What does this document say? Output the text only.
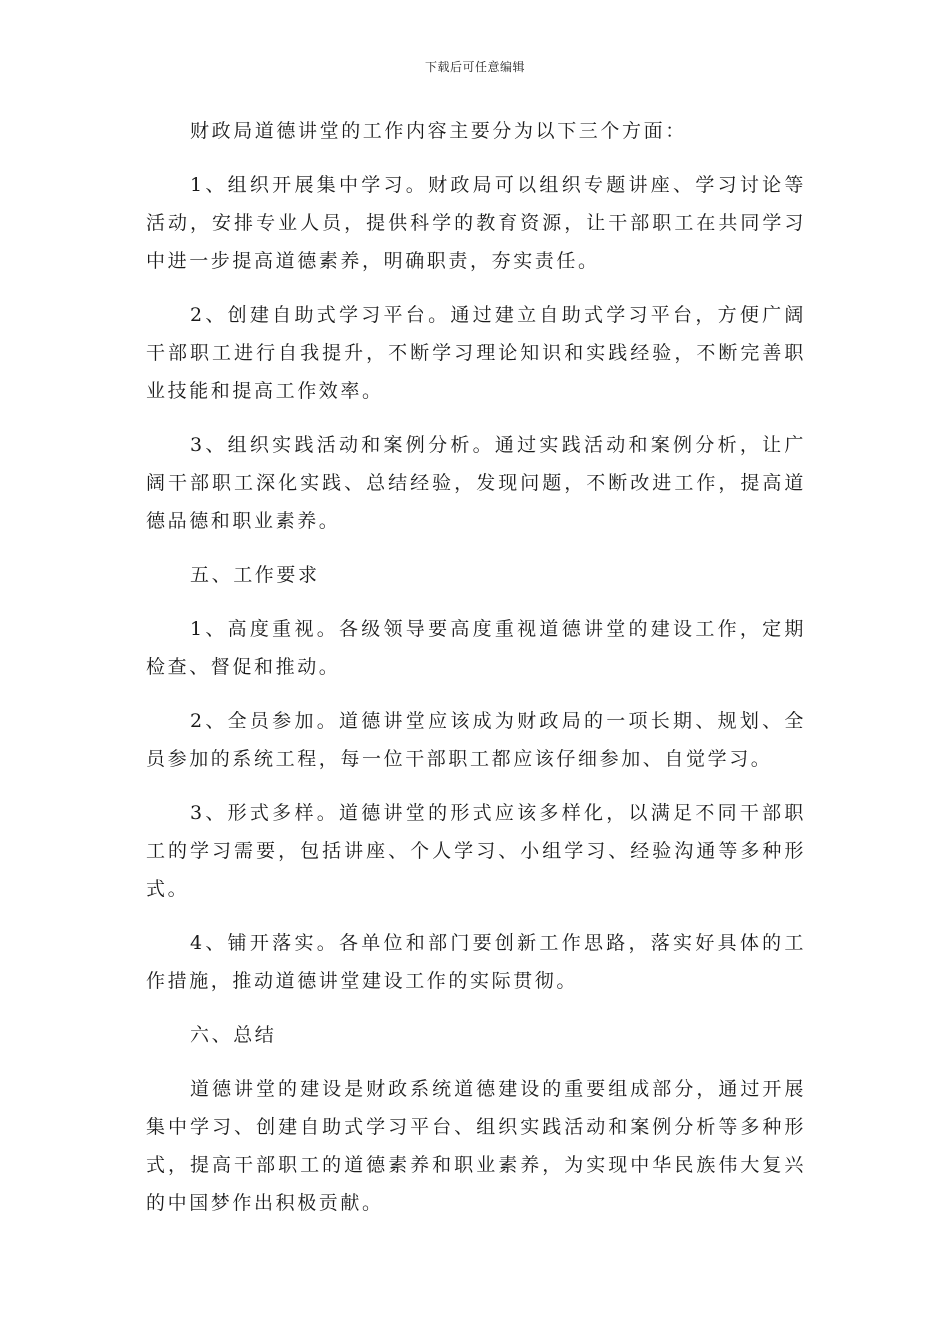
下载后可任意编辑

财政局道德讲堂的工作内容主要分为以下三个方面：

1、组织开展集中学习。财政局可以组织专题讲座、学习讨论等活动，安排专业人员，提供科学的教育资源，让干部职工在共同学习中进一步提高道德素养，明确职责，夯实责任。

2、创建自助式学习平台。通过建立自助式学习平台，方便广阔干部职工进行自我提升，不断学习理论知识和实践经验，不断完善职业技能和提高工作效率。

3、组织实践活动和案例分析。通过实践活动和案例分析，让广阔干部职工深化实践、总结经验，发现问题，不断改进工作，提高道德品德和职业素养。

五、工作要求

1、高度重视。各级领导要高度重视道德讲堂的建设工作，定期检查、督促和推动。

2、全员参加。道德讲堂应该成为财政局的一项长期、规划、全员参加的系统工程，每一位干部职工都应该仔细参加、自觉学习。

3、形式多样。道德讲堂的形式应该多样化，以满足不同干部职工的学习需要，包括讲座、个人学习、小组学习、经验沟通等多种形式。

4、铺开落实。各单位和部门要创新工作思路，落实好具体的工作措施，推动道德讲堂建设工作的实际贯彻。

六、总结

道德讲堂的建设是财政系统道德建设的重要组成部分，通过开展集中学习、创建自助式学习平台、组织实践活动和案例分析等多种形式，提高干部职工的道德素养和职业素养，为实现中华民族伟大复兴的中国梦作出积极贡献。
